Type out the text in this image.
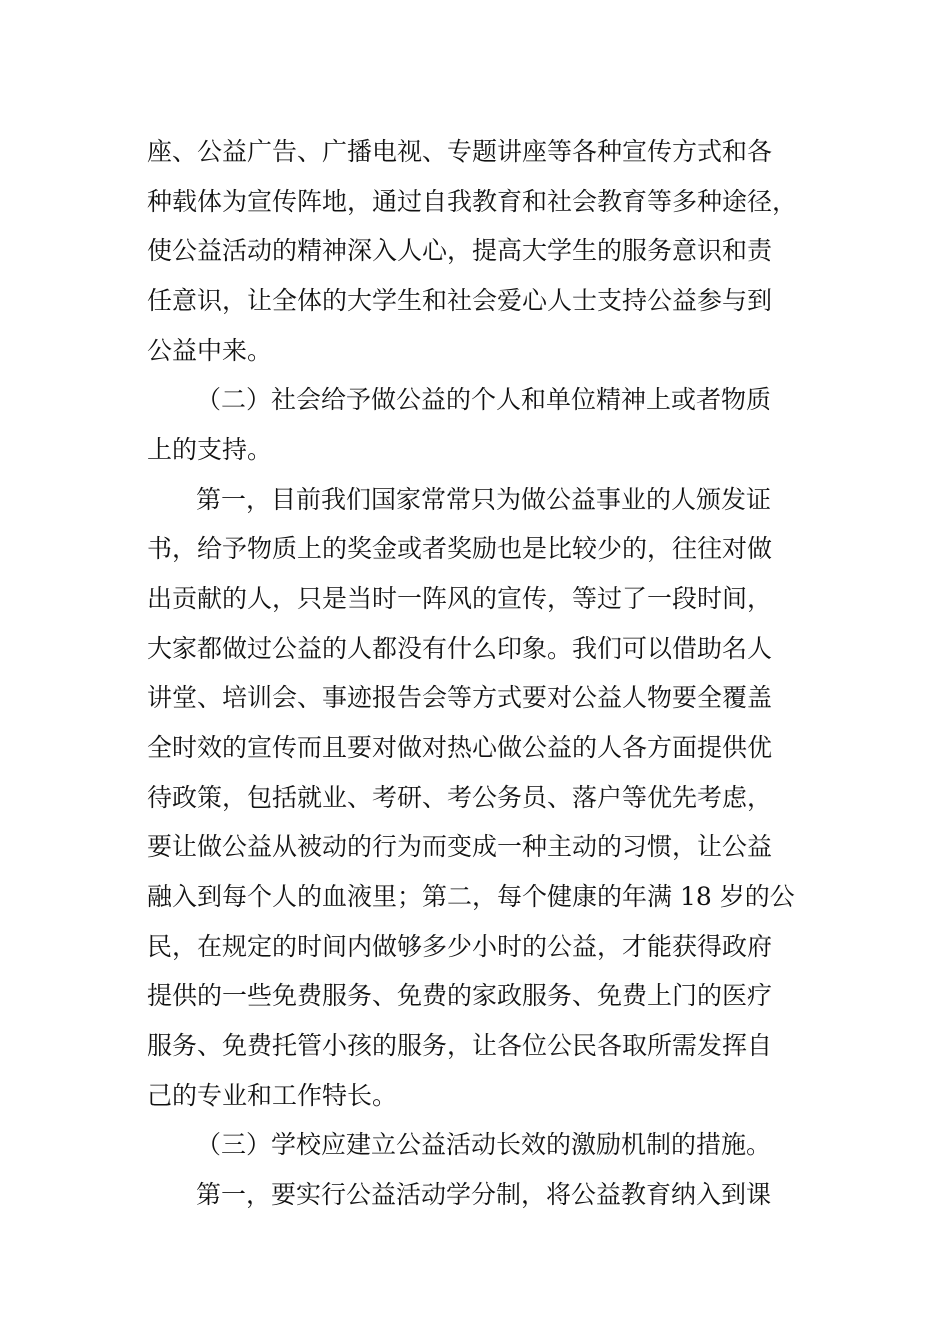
座、公益广告、广播电视、专题讲座等各种宣传方式和各

种载体为宣传阵地，通过自我教育和社会教育等多种途径，

使公益活动的精神深入人心，提高大学生的服务意识和责

任意识，让全体的大学生和社会爱心人士支持公益参与到

公益中来。

（二）社会给予做公益的个人和单位精神上或者物质

上的支持。

第一，目前我们国家常常只为做公益事业的人颁发证

书，给予物质上的奖金或者奖励也是比较少的，往往对做

出贡献的人，只是当时一阵风的宣传，等过了一段时间，

大家都做过公益的人都没有什么印象。我们可以借助名人

讲堂、培训会、事迹报告会等方式要对公益人物要全覆盖

全时效的宣传而且要对做对热心做公益的人各方面提供优

待政策，包括就业、考研、考公务员、落户等优先考虑，

要让做公益从被动的行为而变成一种主动的习惯，让公益

融入到每个人的血液里；第二，每个健康的年满 18 岁的公

民，在规定的时间内做够多少小时的公益，才能获得政府

提供的一些免费服务、免费的家政服务、免费上门的医疗

服务、免费托管小孩的服务，让各位公民各取所需发挥自

己的专业和工作特长。

（三）学校应建立公益活动长效的激励机制的措施。

第一，要实行公益活动学分制，将公益教育纳入到课
